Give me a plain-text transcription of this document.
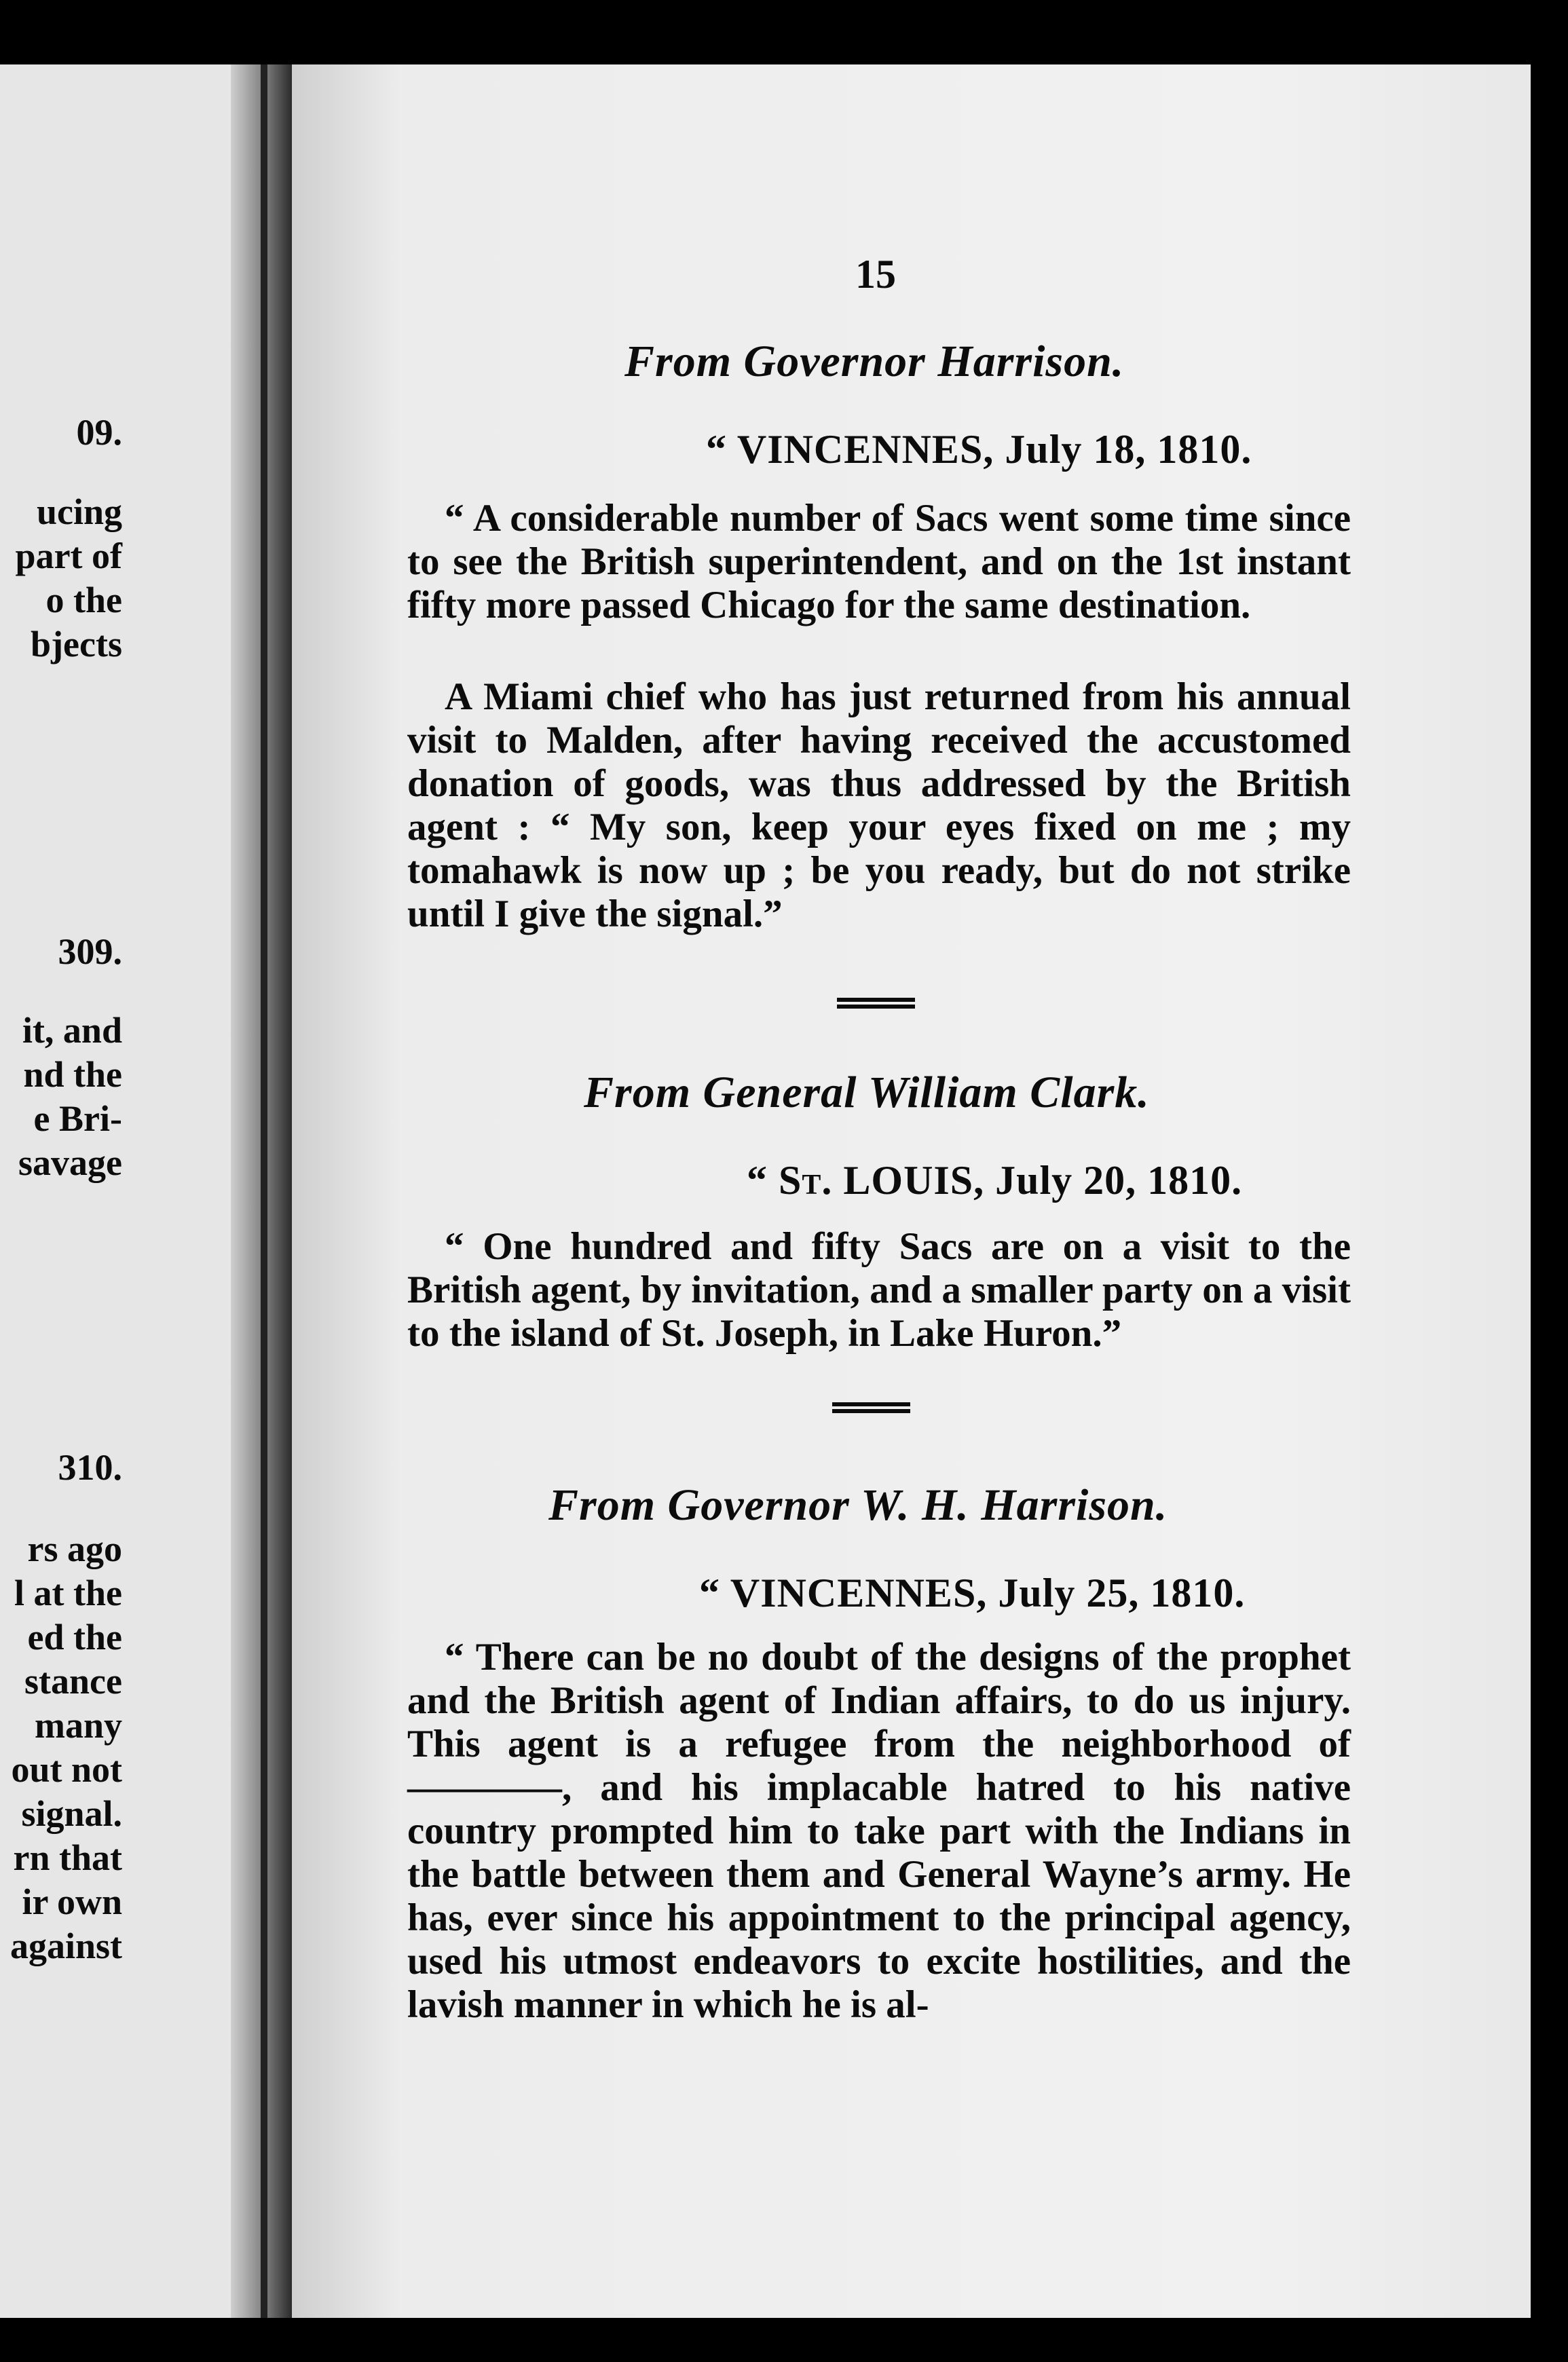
09.
ucing
part of
o the
bjects
309.
it, and
nd the
e Bri-
savage
310.
rs ago
l at the
ed the
stance
many
out not
signal.
rn that
ir own
against
15
From Governor Harrison.
“ VINCENNES, July 18, 1810.
“ A considerable number of Sacs went some time since to see the British superintendent, and on the 1st instant fifty more passed Chicago for the same destination.
A Miami chief who has just returned from his annual visit to Malden, after having received the accustomed donation of goods, was thus addressed by the British agent : “ My son, keep your eyes fixed on me ; my tomahawk is now up ; be you ready, but do not strike until I give the signal.”
From General William Clark.
“ St. LOUIS, July 20, 1810.
“ One hundred and fifty Sacs are on a visit to the British agent, by invitation, and a smaller party on a visit to the island of St. Joseph, in Lake Huron.”
From Governor W. H. Harrison.
“ VINCENNES, July 25, 1810.
“ There can be no doubt of the designs of the prophet and the British agent of Indian affairs, to do us injury. This agent is a refugee from the neighborhood of ————, and his implacable hatred to his native country prompted him to take part with the Indians in the battle between them and General Wayne’s army. He has, ever since his appointment to the principal agency, used his utmost endeavors to excite hostilities, and the lavish manner in which he is al-
